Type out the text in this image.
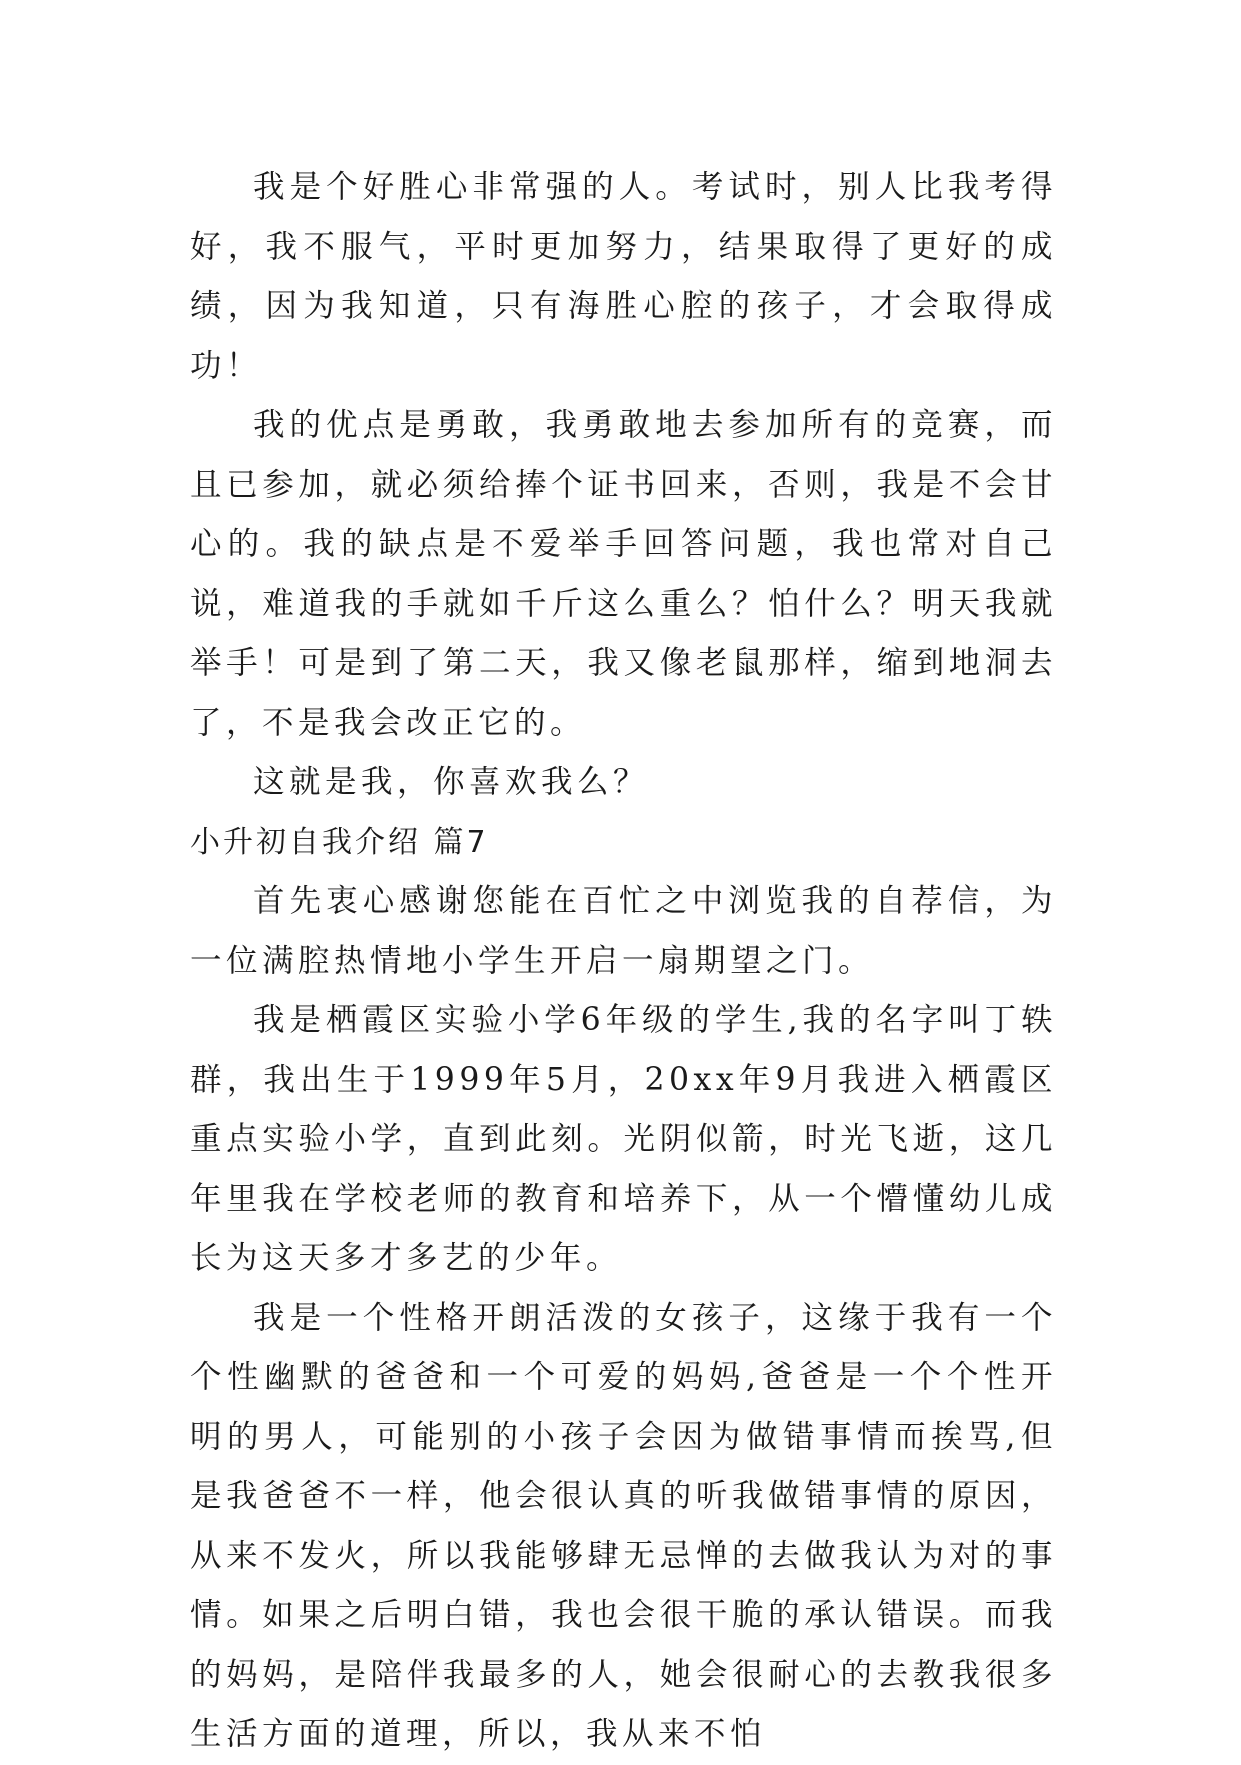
我是个好胜心非常强的人。考试时，别人比我考得好，我不服气，平时更加努力，结果取得了更好的成绩，因为我知道，只有海胜心腔的孩子，才会取得成功！

我的优点是勇敢，我勇敢地去参加所有的竞赛，而且已参加，就必须给捧个证书回来，否则，我是不会甘心的。我的缺点是不爱举手回答问题，我也常对自己说，难道我的手就如千斤这么重么？怕什么？明天我就举手！可是到了第二天，我又像老鼠那样，缩到地洞去了，不是我会改正它的。

这就是我，你喜欢我么？

小升初自我介绍 篇7

首先衷心感谢您能在百忙之中浏览我的自荐信，为一位满腔热情地小学生开启一扇期望之门。

我是栖霞区实验小学6年级的学生,我的名字叫丁轶群，我出生于1999年5月，20xx年9月我进入栖霞区重点实验小学，直到此刻。光阴似箭，时光飞逝，这几年里我在学校老师的教育和培养下，从一个懵懂幼儿成长为这天多才多艺的少年。

我是一个性格开朗活泼的女孩子，这缘于我有一个个性幽默的爸爸和一个可爱的妈妈,爸爸是一个个性开明的男人，可能别的小孩子会因为做错事情而挨骂,但是我爸爸不一样，他会很认真的听我做错事情的原因，从来不发火，所以我能够肆无忌惮的去做我认为对的事情。如果之后明白错，我也会很干脆的承认错误。而我的妈妈，是陪伴我最多的人，她会很耐心的去教我很多生活方面的道理，所以，我从来不怕
